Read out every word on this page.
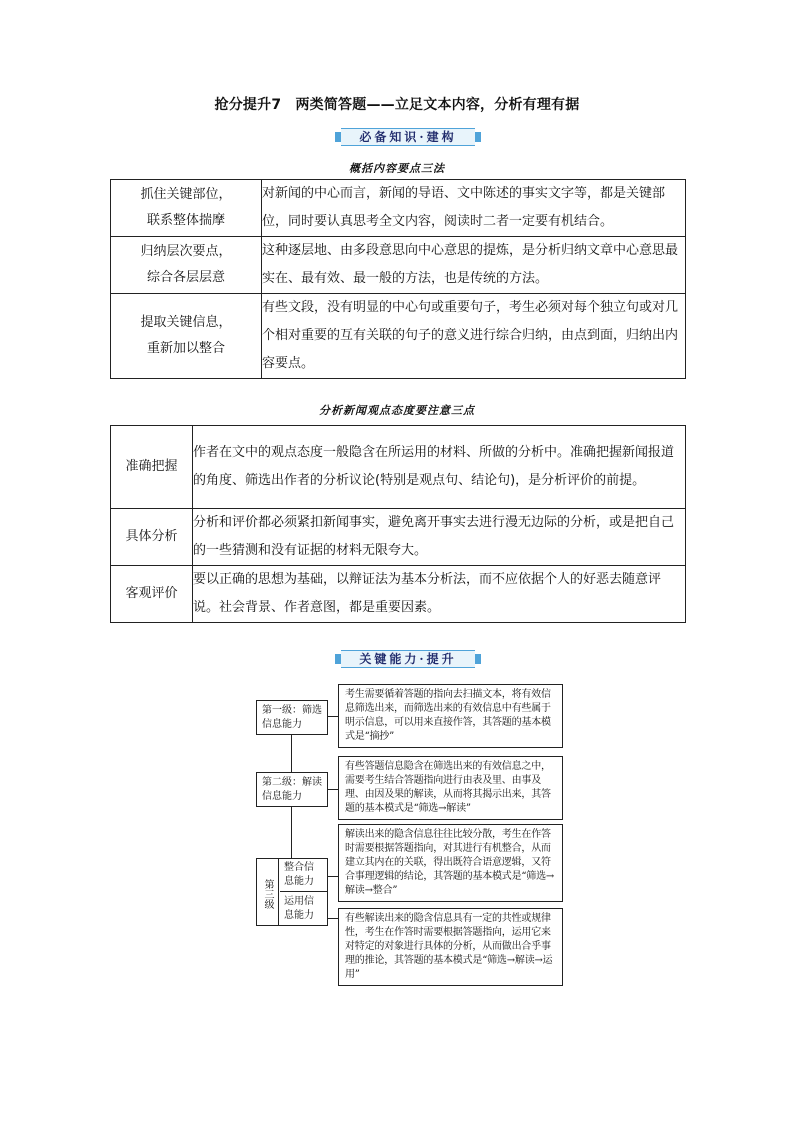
抢分提升7　两类简答题——立足文本内容，分析有理有据
必备知识·建构
概括内容要点三法
抓住关键部位，
联系整体揣摩	对新闻的中心而言，新闻的导语、文中陈述的事实文字等，都是关键部位，同时要认真思考全文内容，阅读时二者一定要有机结合。

归纳层次要点，
综合各层层意	这种逐层地、由多段意思向中心意思的提炼，是分析归纳文章中心意思最实在、最有效、最一般的方法，也是传统的方法。

提取关键信息，
重新加以整合	有些文段，没有明显的中心句或重要句子，考生必须对每个独立句或对几个相对重要的互有关联的句子的意义进行综合归纳，由点到面，归纳出内容要点。
分析新闻观点态度要注意三点
准确把握	作者在文中的观点态度一般隐含在所运用的材料、所做的分析中。准确把握新闻报道的角度、筛选出作者的分析议论(特别是观点句、结论句)，是分析评价的前提。
具体分析	分析和评价都必须紧扣新闻事实，避免离开事实去进行漫无边际的分析，或是把自己的一些猜测和没有证据的材料无限夸大。
客观评价	要以正确的思想为基础，以辩证法为基本分析法，而不应依据个人的好恶去随意评说。社会背景、作者意图，都是重要因素。
关键能力·提升
第一级：筛选信息能力
第二级：解读信息能力
第三级
整合信息能力
运用信息能力
考生需要循着答题的指向去扫描文本，将有效信息筛选出来，而筛选出来的有效信息中有些属于明示信息，可以用来直接作答，其答题的基本模式是“摘抄”
有些答题信息隐含在筛选出来的有效信息之中，需要考生结合答题指向进行由表及里、由事及理、由因及果的解读，从而将其揭示出来，其答题的基本模式是“筛选→解读”
解读出来的隐含信息往往比较分散，考生在作答时需要根据答题指向，对其进行有机整合，从而建立其内在的关联，得出既符合语意逻辑，又符合事理逻辑的结论，其答题的基本模式是“筛选→解读→整合”
有些解读出来的隐含信息具有一定的共性或规律性，考生在作答时需要根据答题指向，运用它来对特定的对象进行具体的分析，从而做出合乎事理的推论，其答题的基本模式是“筛选→解读→运用”
